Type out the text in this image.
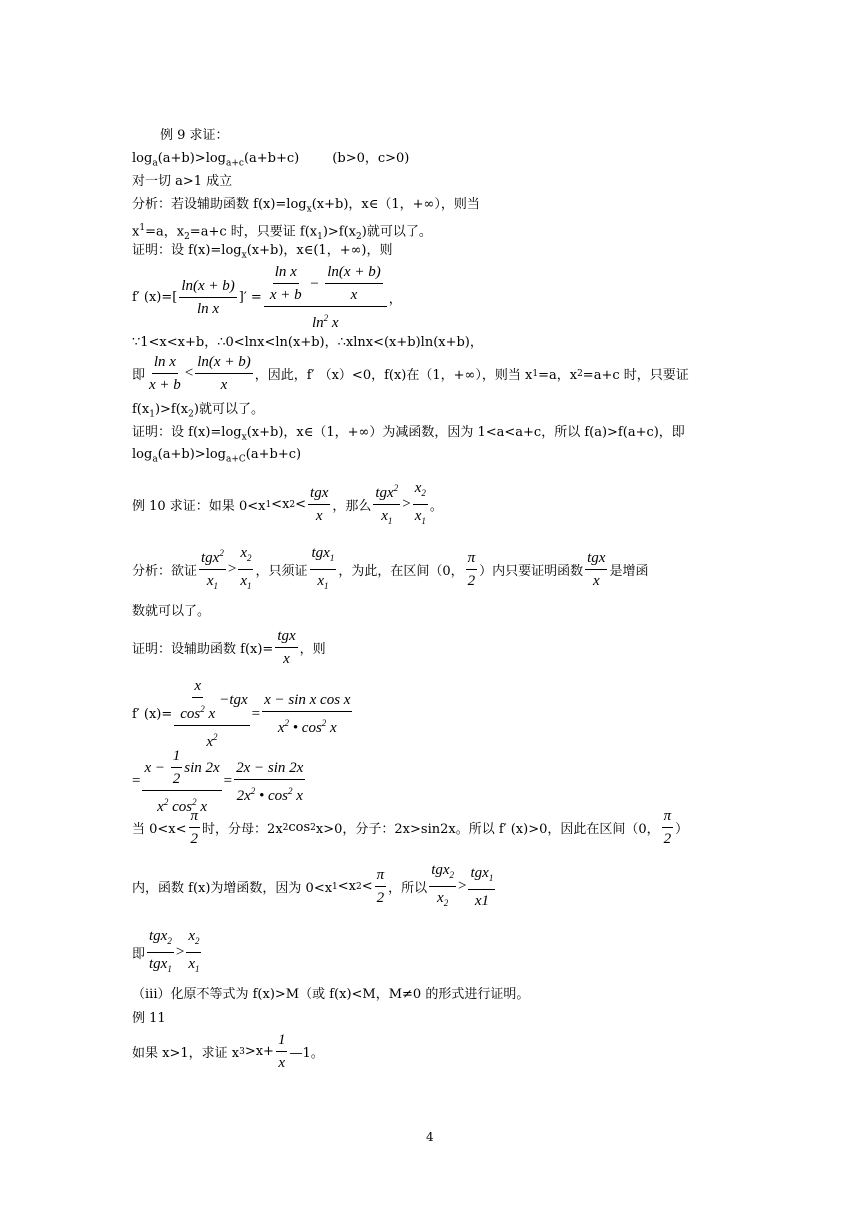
例 9 求证：
$\log_a(a+b)>\log_{a+c}(a+b+c)$        (b>0，c>0)
对一切 a>1 成立
分析：若设辅助函数 $f(x)=\log_x(x+b)$，x∈（1，+∞），则当
$x^1=a$，$x_2=a+c$ 时，只要证 $f(x_1)>f(x_2)$就可以了。
证明：设 $f(x)=\log_x(x+b)$，x∈(1，+∞)，则
f′ $(x)=[ \frac{\ln(x + b)}{\text{ln x}}$ ]′ = $\frac{\frac{\text{ln x}}{x + b} - \frac{\ln(x + b)}{x}}{\ln^2 x}$ ，
∵1<x<x+b，∴0<lnx<ln(x+b)，∴xlnx<(x+b)ln(x+b)，
即 $\frac{\text{ln x}}{x + b} < \frac{\ln(x + b)}{x}$ ，因此，f′ （x）<0，f(x)在（1，+∞），则当 x 1 =a，x 2 =a+c 时，只要证
$f(x_1)>f(x_2)$就可以了。
证明：设 $f(x)=\log_x(x+b)$，x∈（1，+∞）为减函数，因为 1<a<a+c，所以 f(a)>f(a+c)，即
$\log_a(a+b)>\log_{a+C}(a+b+c)$
例 10 求证：如果 0<x 1 <x $2 < \frac{\text{tgx}}{x}$ ，那么 $\frac{tgx^2}{x_1} > \frac{x_2}{x_1}$ 。
分析：欲证 $\frac{tgx^2}{x_1} > \frac{x_2}{x_1}$ ，只须证 $\frac{tgx_1}{x_1}$ ，为此，在区间（0， $\frac{\pi}{2}$ ）内只要证明函数 $\frac{\text{tgx}}{x}$ 是增函
数就可以了。
证明：设辅助函数 $f(x)= \frac{\text{tgx}}{x}$ ，则
f′ $(x)= \frac{\frac{x}{\cos^2 x} - tgx}{x^2} = \frac{\text{x − sin x cos x}}{x^2 • \cos^2 x}$
= $\frac{x - \frac{1}{2} \sin 2x}{x^2 \cos^2 x} = \frac{2x - \sin 2x}{2x^2 • \cos^2 x}$
当 $0<x< \frac{\pi}{2}$ 时，分母：2x 2 cos 2 x>0，分子：2x>sin2x。所以 f′ (x)>0，因此在区间（0， $\frac{\pi}{2}$ ）
内，函数 f(x)为增函数，因为 0<x 1 <x $2 < \frac{\pi}{2}$ ，所以 $\frac{tgx_2}{x_2} > \frac{tgx_1}{x1}$
即 $\frac{tgx_2}{tgx_1} > \frac{x_2}{x_1}$
（iii）化原不等式为 f(x)>M（或 f(x)<M，M≠0 的形式进行证明。
例 11
如果 x>1，求证 x $3 >x+ \frac{1}{x}$ —1。
4
